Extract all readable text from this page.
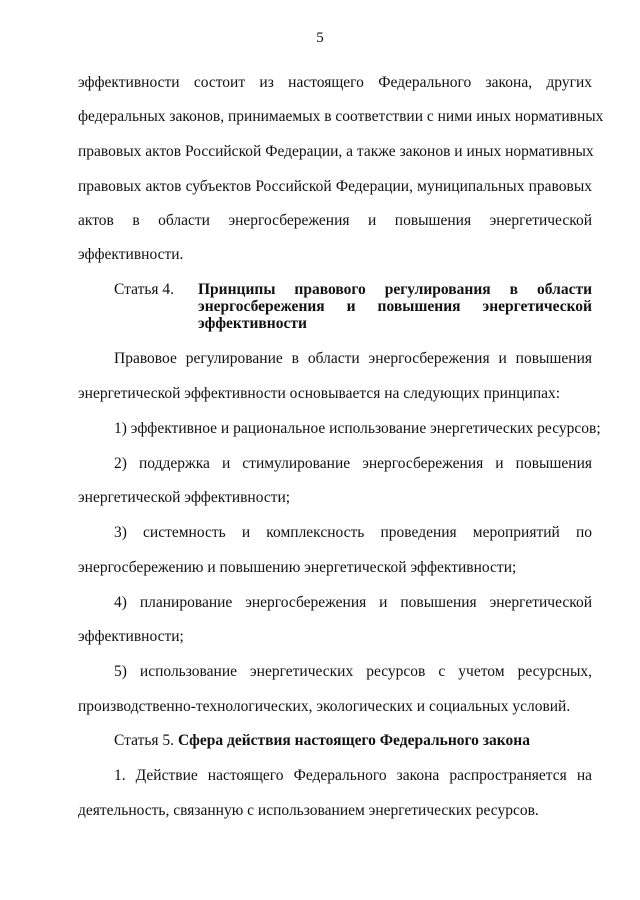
5
эффективности состоит из настоящего Федерального закона, других
федеральных законов, принимаемых в соответствии с ними иных нормативных
правовых актов Российской Федерации, а также законов и иных нормативных
правовых актов субъектов Российской Федерации, муниципальных правовых
актов в области энергосбережения и повышения энергетической
эффективности.
Статья 4. Принципы правового регулирования в области
энергосбережения и повышения энергетической
эффективности
Правовое регулирование в области энергосбережения и повышения
энергетической эффективности основывается на следующих принципах:
1) эффективное и рациональное использование энергетических ресурсов;
2) поддержка и стимулирование энергосбережения и повышения
энергетической эффективности;
3) системность и комплексность проведения мероприятий по
энергосбережению и повышению энергетической эффективности;
4) планирование энергосбережения и повышения энергетической
эффективности;
5) использование энергетических ресурсов с учетом ресурсных,
производственно-технологических, экологических и социальных условий.
Статья 5. Сфера действия настоящего Федерального закона
1. Действие настоящего Федерального закона распространяется на
деятельность, связанную с использованием энергетических ресурсов.
